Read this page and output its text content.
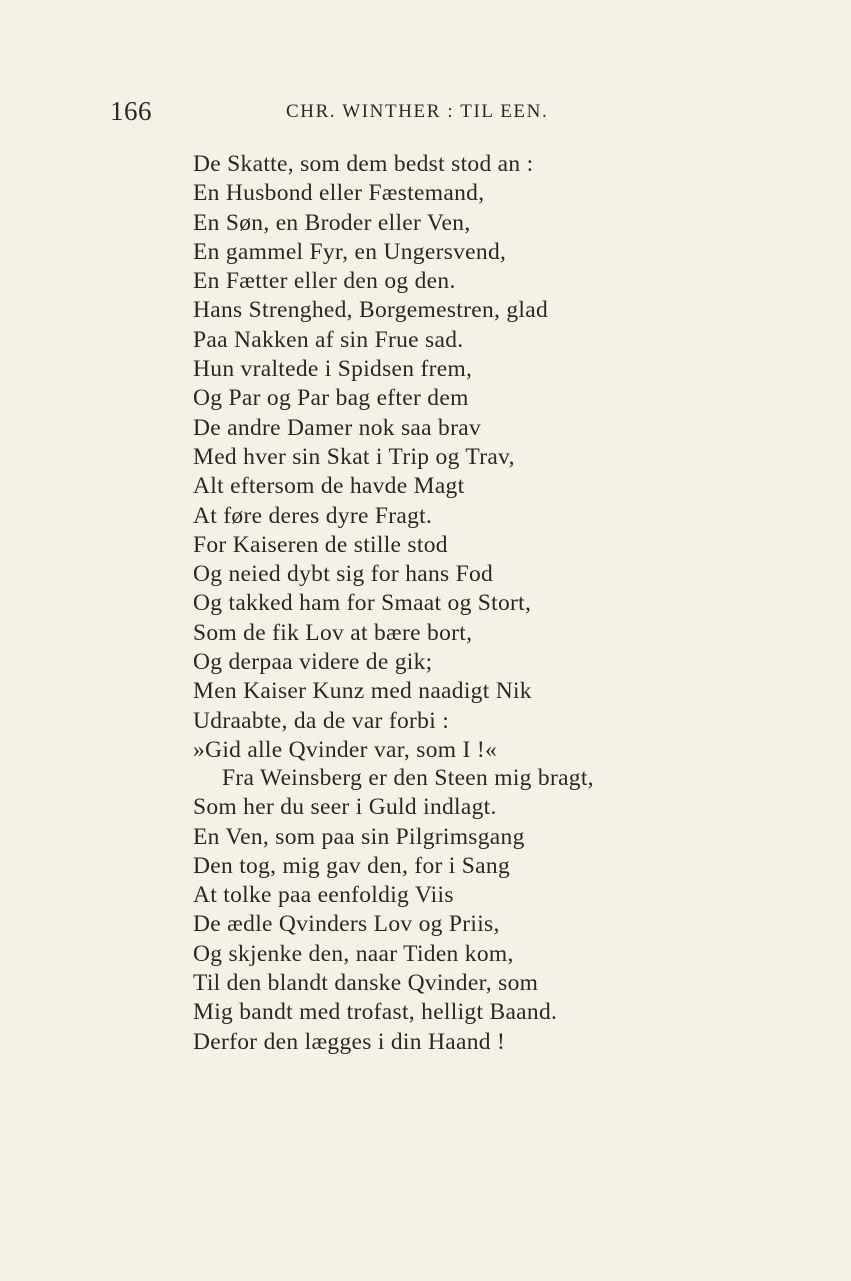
166	CHR. WINTHER : TIL EEN.
De Skatte, som dem bedst stod an :
En Husbond eller Fæstemand,
En Søn, en Broder eller Ven,
En gammel Fyr, en Ungersvend,
En Fætter eller den og den.
Hans Strenghed, Borgemestren, glad
Paa Nakken af sin Frue sad.
Hun vraltede i Spidsen frem,
Og Par og Par bag efter dem
De andre Damer nok saa brav
Med hver sin Skat i Trip og Trav,
Alt eftersom de havde Magt
At føre deres dyre Fragt.
For Kaiseren de stille stod
Og neied dybt sig for hans Fod
Og takked ham for Smaat og Stort,
Som de fik Lov at bære bort,
Og derpaa videre de gik;
Men Kaiser Kunz med naadigt Nik
Udraabte, da de var forbi :
»Gid alle Qvinder var, som I !«
Fra Weinsberg er den Steen mig bragt,
Som her du seer i Guld indlagt.
En Ven, som paa sin Pilgrimsgang
Den tog, mig gav den, for i Sang
At tolke paa eenfoldig Viis
De ædle Qvinders Lov og Priis,
Og skjenke den, naar Tiden kom,
Til den blandt danske Qvinder, som
Mig bandt med trofast, helligt Baand.
Derfor den lægges i din Haand !
